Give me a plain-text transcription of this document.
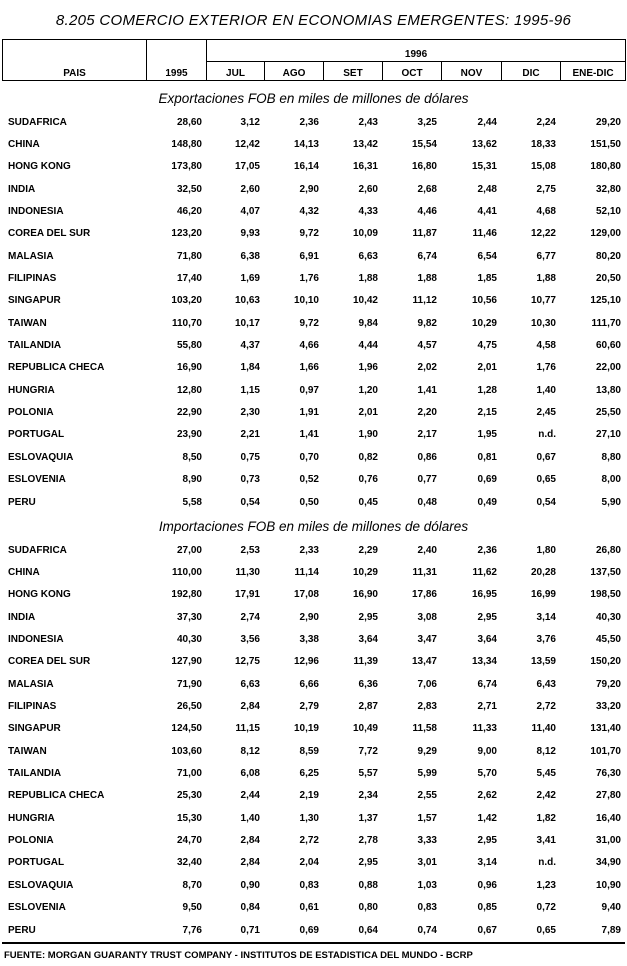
8.205 COMERCIO EXTERIOR EN ECONOMIAS EMERGENTES: 1995-96
PAIS	1995	1996						
		JUL	AGO	SET	OCT	NOV	DIC	ENE-DIC
Exportaciones FOB en miles de millones de dólares
SUDAFRICA	28,60	3,12	2,36	2,43	3,25	2,44	2,24	29,20
CHINA	148,80	12,42	14,13	13,42	15,54	13,62	18,33	151,50
HONG KONG	173,80	17,05	16,14	16,31	16,80	15,31	15,08	180,80
INDIA	32,50	2,60	2,90	2,60	2,68	2,48	2,75	32,80
INDONESIA	46,20	4,07	4,32	4,33	4,46	4,41	4,68	52,10
COREA DEL SUR	123,20	9,93	9,72	10,09	11,87	11,46	12,22	129,00
MALASIA	71,80	6,38	6,91	6,63	6,74	6,54	6,77	80,20
FILIPINAS	17,40	1,69	1,76	1,88	1,88	1,85	1,88	20,50
SINGAPUR	103,20	10,63	10,10	10,42	11,12	10,56	10,77	125,10
TAIWAN	110,70	10,17	9,72	9,84	9,82	10,29	10,30	111,70
TAILANDIA	55,80	4,37	4,66	4,44	4,57	4,75	4,58	60,60
REPUBLICA CHECA	16,90	1,84	1,66	1,96	2,02	2,01	1,76	22,00
HUNGRIA	12,80	1,15	0,97	1,20	1,41	1,28	1,40	13,80
POLONIA	22,90	2,30	1,91	2,01	2,20	2,15	2,45	25,50
PORTUGAL	23,90	2,21	1,41	1,90	2,17	1,95	n.d.	27,10
ESLOVAQUIA	8,50	0,75	0,70	0,82	0,86	0,81	0,67	8,80
ESLOVENIA	8,90	0,73	0,52	0,76	0,77	0,69	0,65	8,00
PERU	5,58	0,54	0,50	0,45	0,48	0,49	0,54	5,90
Importaciones FOB en miles de millones de dólares
SUDAFRICA	27,00	2,53	2,33	2,29	2,40	2,36	1,80	26,80
CHINA	110,00	11,30	11,14	10,29	11,31	11,62	20,28	137,50
HONG KONG	192,80	17,91	17,08	16,90	17,86	16,95	16,99	198,50
INDIA	37,30	2,74	2,90	2,95	3,08	2,95	3,14	40,30
INDONESIA	40,30	3,56	3,38	3,64	3,47	3,64	3,76	45,50
COREA DEL SUR	127,90	12,75	12,96	11,39	13,47	13,34	13,59	150,20
MALASIA	71,90	6,63	6,66	6,36	7,06	6,74	6,43	79,20
FILIPINAS	26,50	2,84	2,79	2,87	2,83	2,71	2,72	33,20
SINGAPUR	124,50	11,15	10,19	10,49	11,58	11,33	11,40	131,40
TAIWAN	103,60	8,12	8,59	7,72	9,29	9,00	8,12	101,70
TAILANDIA	71,00	6,08	6,25	5,57	5,99	5,70	5,45	76,30
REPUBLICA CHECA	25,30	2,44	2,19	2,34	2,55	2,62	2,42	27,80
HUNGRIA	15,30	1,40	1,30	1,37	1,57	1,42	1,82	16,40
POLONIA	24,70	2,84	2,72	2,78	3,33	2,95	3,41	31,00
PORTUGAL	32,40	2,84	2,04	2,95	3,01	3,14	n.d.	34,90
ESLOVAQUIA	8,70	0,90	0,83	0,88	1,03	0,96	1,23	10,90
ESLOVENIA	9,50	0,84	0,61	0,80	0,83	0,85	0,72	9,40
PERU	7,76	0,71	0,69	0,64	0,74	0,67	0,65	7,89
FUENTE: MORGAN GUARANTY TRUST COMPANY - INSTITUTOS DE ESTADISTICA DEL MUNDO - BCRP
